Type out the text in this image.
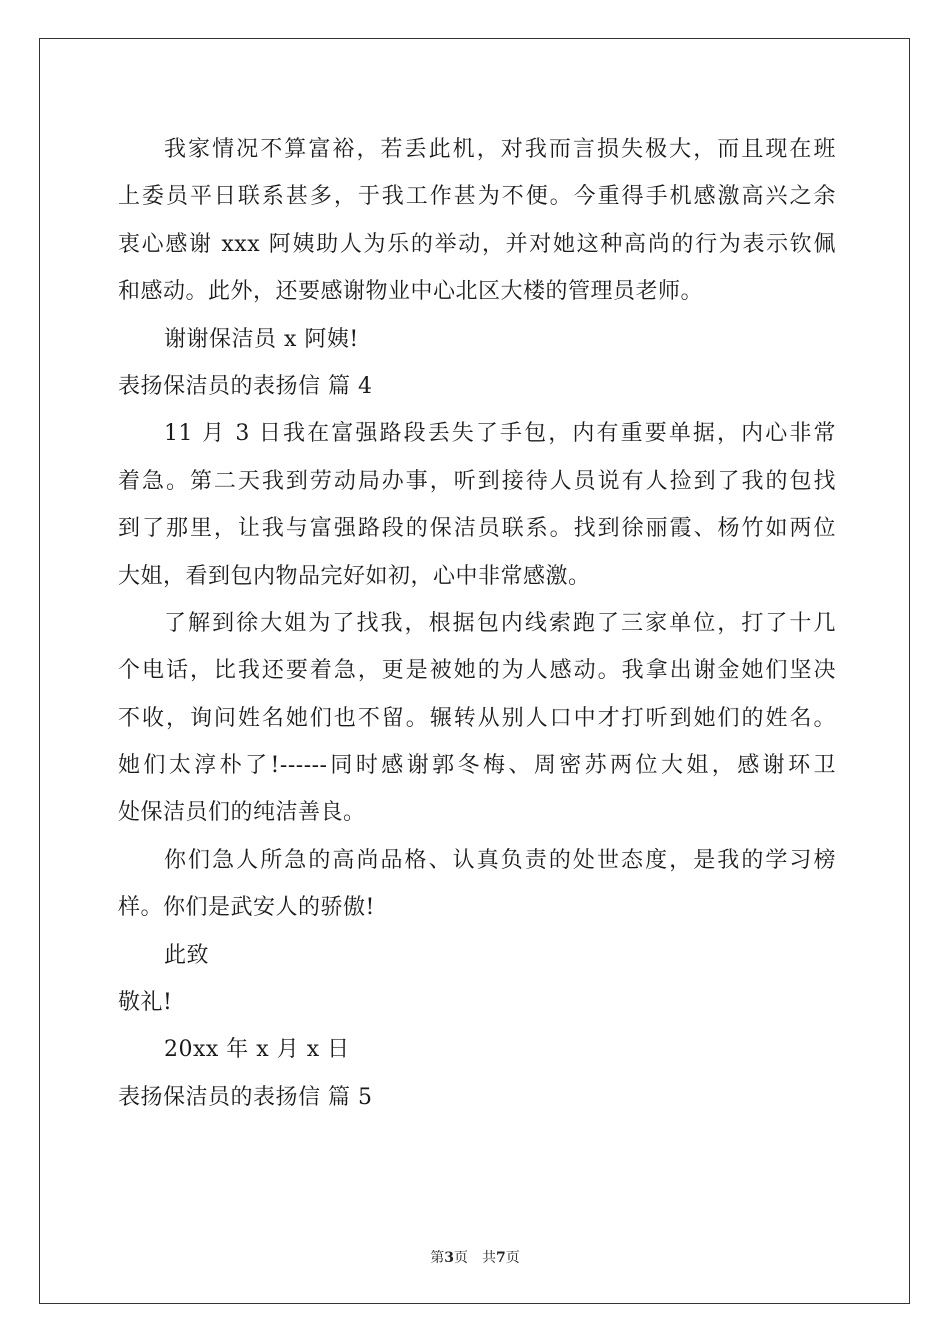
我家情况不算富裕，若丢此机，对我而言损失极大，而且现在班
上委员平日联系甚多，于我工作甚为不便。今重得手机感激高兴之余
衷心感谢 xxx 阿姨助人为乐的举动，并对她这种高尚的行为表示钦佩
和感动。此外，还要感谢物业中心北区大楼的管理员老师。
谢谢保洁员 x 阿姨!
表扬保洁员的表扬信 篇 4
11 月 3 日我在富强路段丢失了手包，内有重要单据，内心非常
着急。第二天我到劳动局办事，听到接待人员说有人捡到了我的包找
到了那里，让我与富强路段的保洁员联系。找到徐丽霞、杨竹如两位
大姐，看到包内物品完好如初，心中非常感激。
了解到徐大姐为了找我，根据包内线索跑了三家单位，打了十几
个电话，比我还要着急，更是被她的为人感动。我拿出谢金她们坚决
不收，询问姓名她们也不留。辗转从别人口中才打听到她们的姓名。
她们太淳朴了!------同时感谢郭冬梅、周密苏两位大姐，感谢环卫
处保洁员们的纯洁善良。
你们急人所急的高尚品格、认真负责的处世态度，是我的学习榜
样。你们是武安人的骄傲!
此致
敬礼!
20xx 年 x 月 x 日
表扬保洁员的表扬信 篇 5
第3页 共7页
